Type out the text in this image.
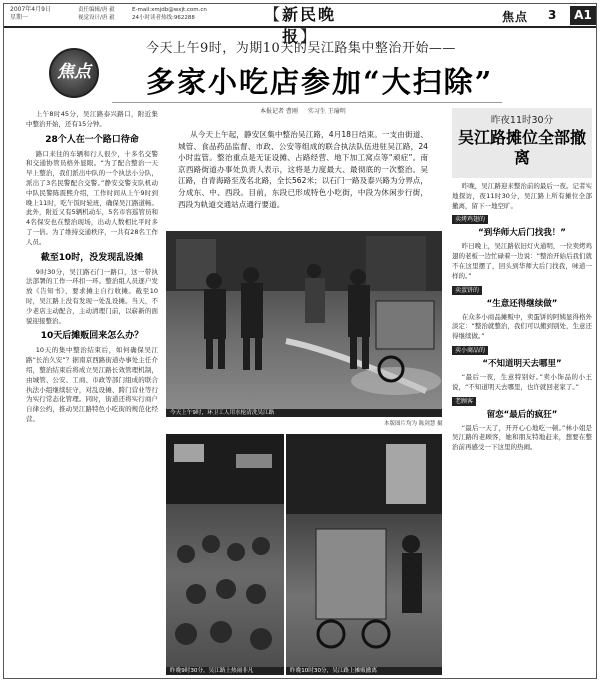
2007年4月9日
星期一
责任编辑/唐 毅
视觉设计/唐 毅
E-mail:xmjdb@wxjt.com.cn
24小时读者热线:962288	【新民晚报】
焦点 3	A1
焦点
今天上午9时，为期10天的吴江路集中整治开始——
多家小吃店参加“大扫除”

上午8时45分，吴江路泰兴路口，附近集中整治开始，还有15分钟。

28个人在一个路口待命

路口来往的车辆和行人很少，十多名交警和交通协管员格外显眼。“为了配合整治一天早上整治，我们派出中队的一个执法小分队，派出了3名民警配合交警。”静安交警支队机动中队民警陈震熙介绍，工作时间从上午9时到晚上11时，吃午饭时轮班，确保吴江路道畅。此外，附近又有5辆机动车，5名市容巡管员和4名保安也在整治现场，出动人数相比平时多了一倍。为了维持交通秩序，一共有28名工作人员。

截至10时，没发现乱设摊

9时30分，吴江路石门一路口，这一带执法部署的工作一环扣一环。整治组人员逐户发放《告知书》，要求摊主自行收摊。截至10时，吴江路上没有发现一处乱设摊。当天，不少老店主动配合，主动清理门前，以崭新的面貌迎接整治。

10天后摊贩回来怎么办？

10天的集中整治结束后，如何确保吴江路“长治久安”？据南京西路街道办事处主任介绍，整治结束后将成立吴江路长效管理机制，由城管、公安、工商、市政等部门组成的联合执法小组继续驻守，对乱设摊、跨门营业等行为实行常态化管理。同时，街道还将实行商户自律公约，推动吴江路特色小吃街的规范化经营。

本报记者 曹刚 实习生 王瑜明

从今天上午起，静安区集中整治吴江路，4月18日结束。一支由街道、城管、食品药品监督、市政、公安等组成的联合执法队伍进驻吴江路，24小时监管。整治重点是无证设摊、占路经营、地下加工窝点等“顽症”。南京西路街道办事处负责人表示，这将是力度最大、最彻底的一次整治。吴江路，自青海路至茂名北路，全长562米；以石门一路及泰兴路为分界点，分成东、中、西段。目前，东段已形成特色小吃街，中段为休闲步行街，西段为轨道交通站点通行要道。

今天上午9时，环卫工人用水枪清洗吴江路
本版图片均为 陈剑慧 摄
昨晚9时30分，吴江路上热闹非凡	昨晚10时30分，吴江路上摊贩撤离
昨夜11时30分
吴江路摊位全部撤离

昨晚，吴江路迎来整治前的最后一夜。记者实地探访，夜11时30分，吴江路上所有摊位全部撤离，留下一地空旷。

卖烤鸡翅的
“到华师大后门找我！”

昨日晚上，吴江路依旧灯火通明，一位卖烤鸡翅的老板一边忙碌着一边说：“整治开始后我们就不在这里摆了，回头到华师大后门找我，味道一样的。”

卖蛋饼的
“生意还得继续做”

在众多小商品摊贩中，卖蛋饼的阿姨显得格外淡定：“整治就整治，我们可以搬到别处，生意还得继续做。”

卖小商品的
“不知道明天去哪里”

“最后一夜，生意特别好。”卖小饰品的小王说，“不知道明天去哪里，也许就回老家了。”

老顾客
留恋“最后的疯狂”

“最后一天了，开开心心地吃一顿。”林小姐是吴江路的老顾客，她和朋友特地赶来，想要在整治前再感受一下这里的热闹。
